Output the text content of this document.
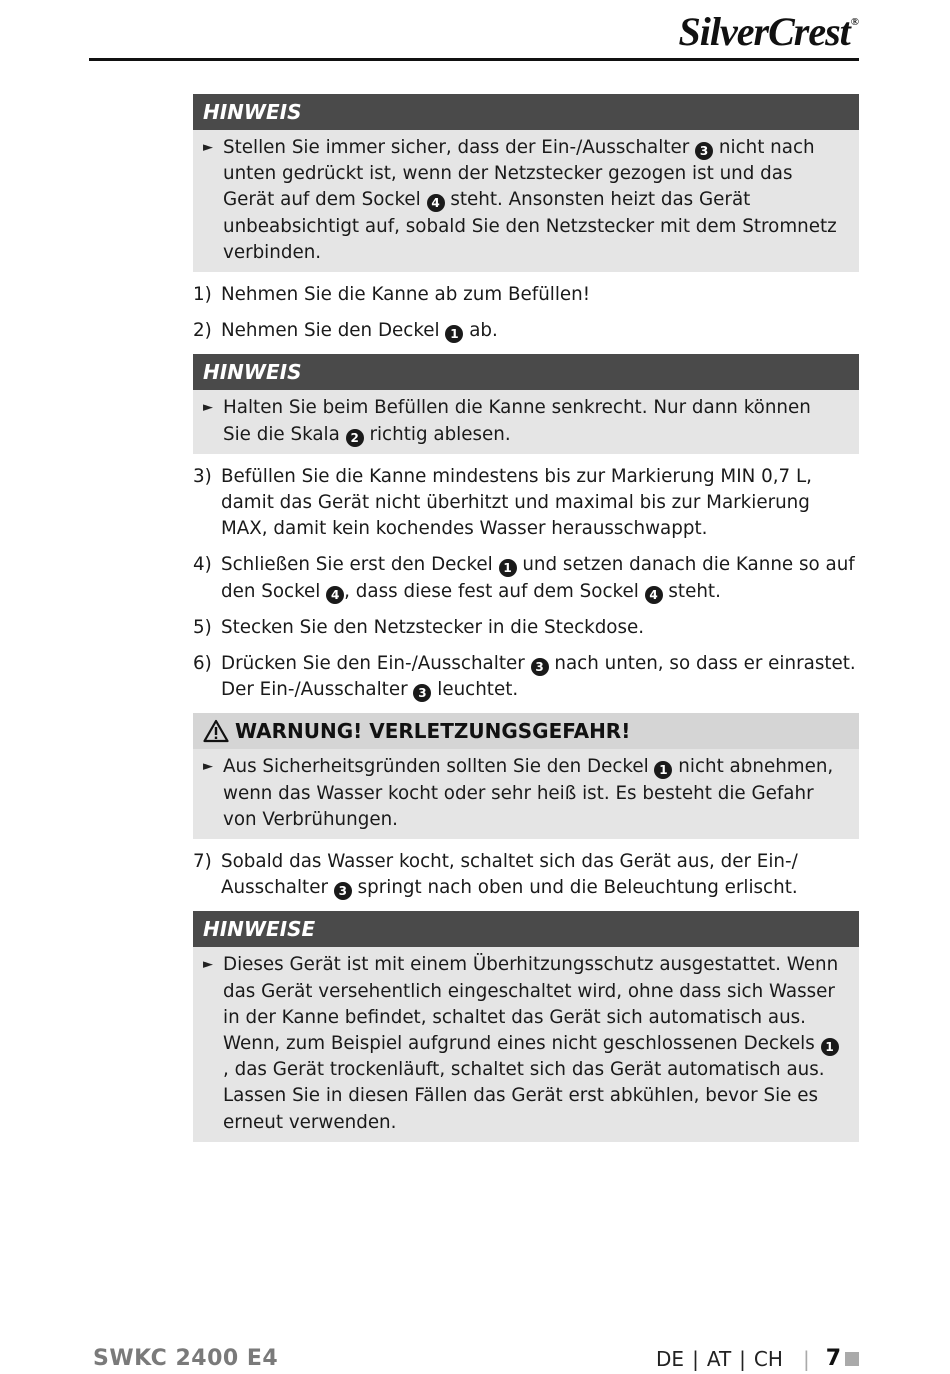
SilverCrest®
HINWEIS
► Stellen Sie immer sicher, dass der Ein-/Ausschalter 3 nicht nach unten gedrückt ist, wenn der Netzstecker gezogen ist und das Gerät auf dem Sockel 4 steht. Ansonsten heizt das Gerät unbeabsichtigt auf, sobald Sie den Netzstecker mit dem Stromnetz verbinden.

1) Nehmen Sie die Kanne ab zum Befüllen!
2) Nehmen Sie den Deckel 1 ab.
HINWEIS
► Halten Sie beim Befüllen die Kanne senkrecht. Nur dann können Sie die Skala 2 richtig ablesen.

3) Befüllen Sie die Kanne mindestens bis zur Markierung MIN 0,7 L, damit das Gerät nicht überhitzt und maximal bis zur Markierung MAX, damit kein kochendes Wasser herausschwappt.
4) Schließen Sie erst den Deckel 1 und setzen danach die Kanne so auf den Sockel 4 , dass diese fest auf dem Sockel 4 steht.
5) Stecken Sie den Netzstecker in die Steckdose.
6) Drücken Sie den Ein-/Ausschalter 3 nach unten, so dass er einrastet.
Der Ein-/Ausschalter 3 leuchtet.
WARNUNG! VERLETZUNGSGEFAHR!
► Aus Sicherheitsgründen sollten Sie den Deckel 1 nicht abnehmen, wenn das Wasser kocht oder sehr heiß ist. Es besteht die Gefahr von Verbrühungen.

7) Sobald das Wasser kocht, schaltet sich das Gerät aus, der Ein-/
Ausschalter 3 springt nach oben und die Beleuchtung erlischt.
HINWEISE
► Dieses Gerät ist mit einem Überhitzungsschutz ausgestattet. Wenn das Gerät versehentlich eingeschaltet wird, ohne dass sich Wasser in der Kanne befindet, schaltet das Gerät sich automatisch aus.

Wenn, zum Beispiel aufgrund eines nicht geschlossenen Deckels 1, das Gerät trockenläuft, schaltet sich das Gerät automatisch aus.

Lassen Sie in diesen Fällen das Gerät erst abkühlen, bevor Sie es erneut verwenden.

SWKC 2400 E4	DE | AT | CH | 7
